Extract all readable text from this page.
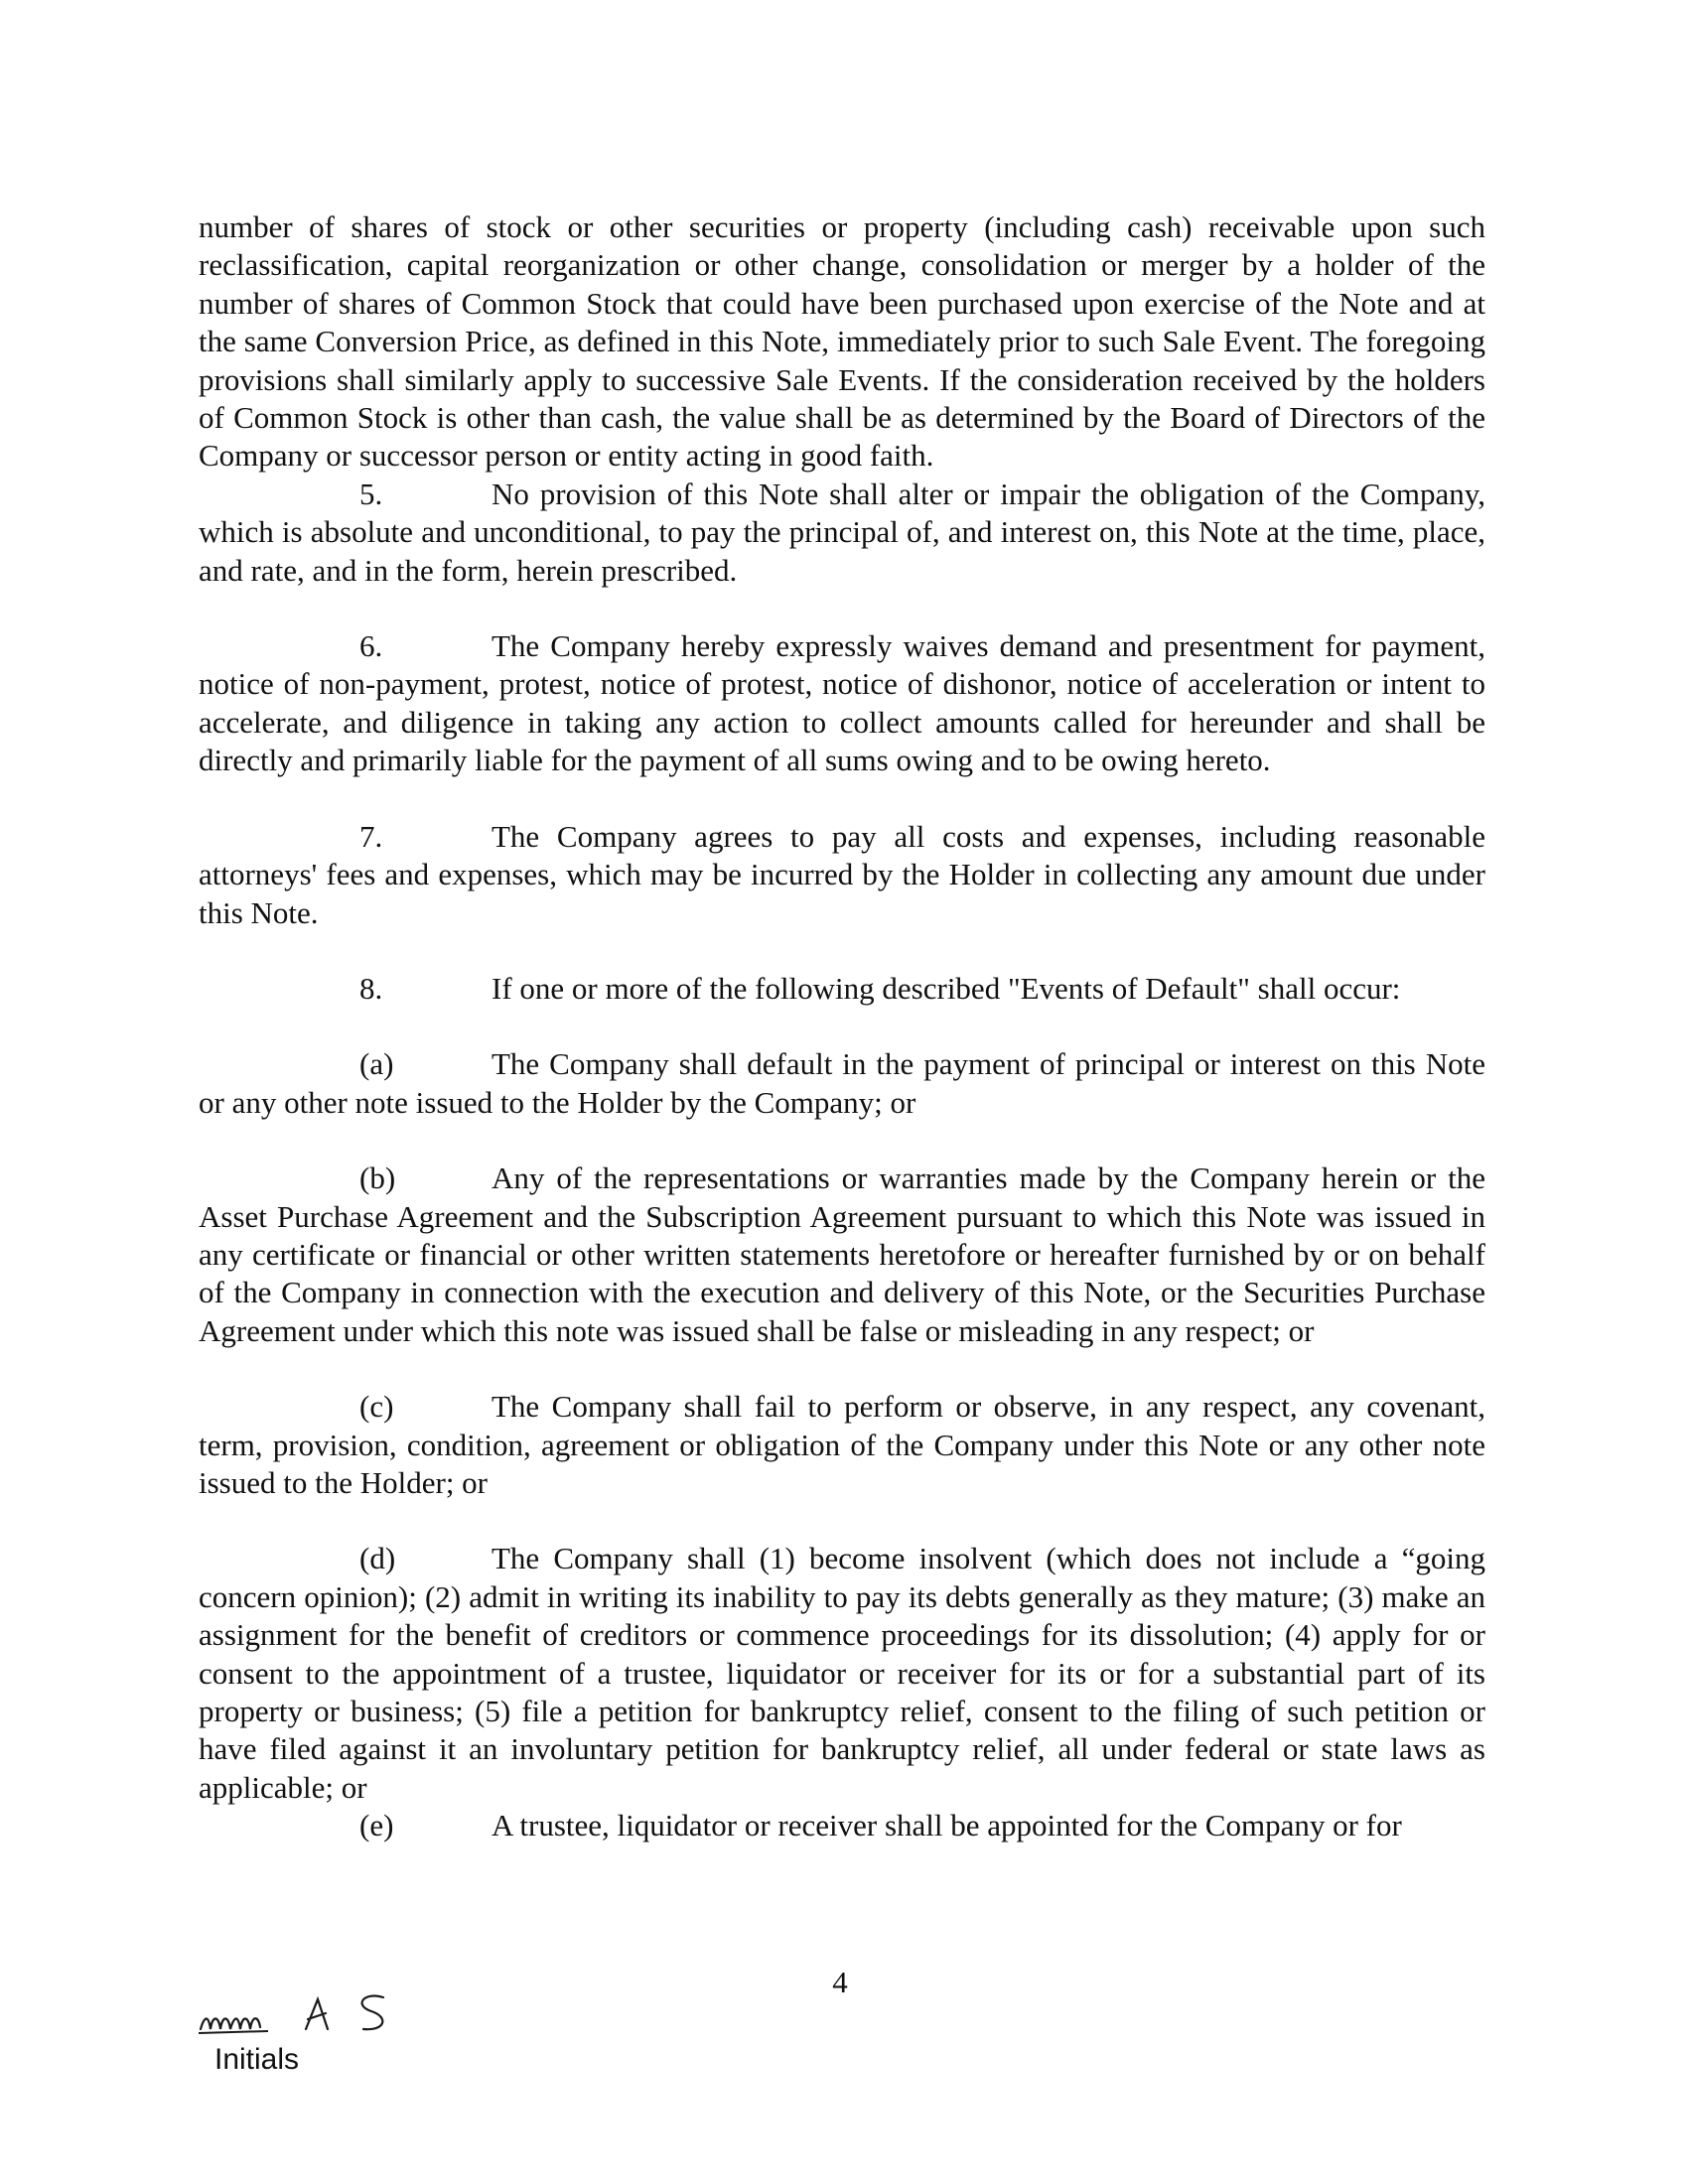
number of shares of stock or other securities or property (including cash) receivable upon such reclassification, capital reorganization or other change, consolidation or merger by a holder of the number of shares of Common Stock that could have been purchased upon exercise of the Note and at the same Conversion Price, as defined in this Note, immediately prior to such Sale Event. The foregoing provisions shall similarly apply to successive Sale Events. If the consideration received by the holders of Common Stock is other than cash, the value shall be as determined by the Board of Directors of the Company or successor person or entity acting in good faith.

5.	No provision of this Note shall alter or impair the obligation of the Company, which is absolute and unconditional, to pay the principal of, and interest on, this Note at the time, place, and rate, and in the form, herein prescribed.

6.	The Company hereby expressly waives demand and presentment for payment, notice of non-payment, protest, notice of protest, notice of dishonor, notice of acceleration or intent to accelerate, and diligence in taking any action to collect amounts called for hereunder and shall be directly and primarily liable for the payment of all sums owing and to be owing hereto.

7.	The Company agrees to pay all costs and expenses, including reasonable attorneys' fees and expenses, which may be incurred by the Holder in collecting any amount due under this Note.

8.	If one or more of the following described "Events of Default" shall occur:

(a)	The Company shall default in the payment of principal or interest on this Note or any other note issued to the Holder by the Company; or

(b)	Any of the representations or warranties made by the Company herein or the Asset Purchase Agreement and the Subscription Agreement pursuant to which this Note was issued in any certificate or financial or other written statements heretofore or hereafter furnished by or on behalf of the Company in connection with the execution and delivery of this Note, or the Securities Purchase Agreement under which this note was issued shall be false or misleading in any respect; or

(c)	The Company shall fail to perform or observe, in any respect, any covenant, term, provision, condition, agreement or obligation of the Company under this Note or any other note issued to the Holder; or

(d)	The Company shall (1) become insolvent (which does not include a “going concern opinion); (2) admit in writing its inability to pay its debts generally as they mature; (3) make an assignment for the benefit of creditors or commence proceedings for its dissolution; (4) apply for or consent to the appointment of a trustee, liquidator or receiver for its or for a substantial part of its property or business; (5) file a petition for bankruptcy relief, consent to the filing of such petition or have filed against it an involuntary petition for bankruptcy relief, all under federal or state laws as applicable; or

(e)	A trustee, liquidator or receiver shall be appointed for the Company or for

4
Initials
